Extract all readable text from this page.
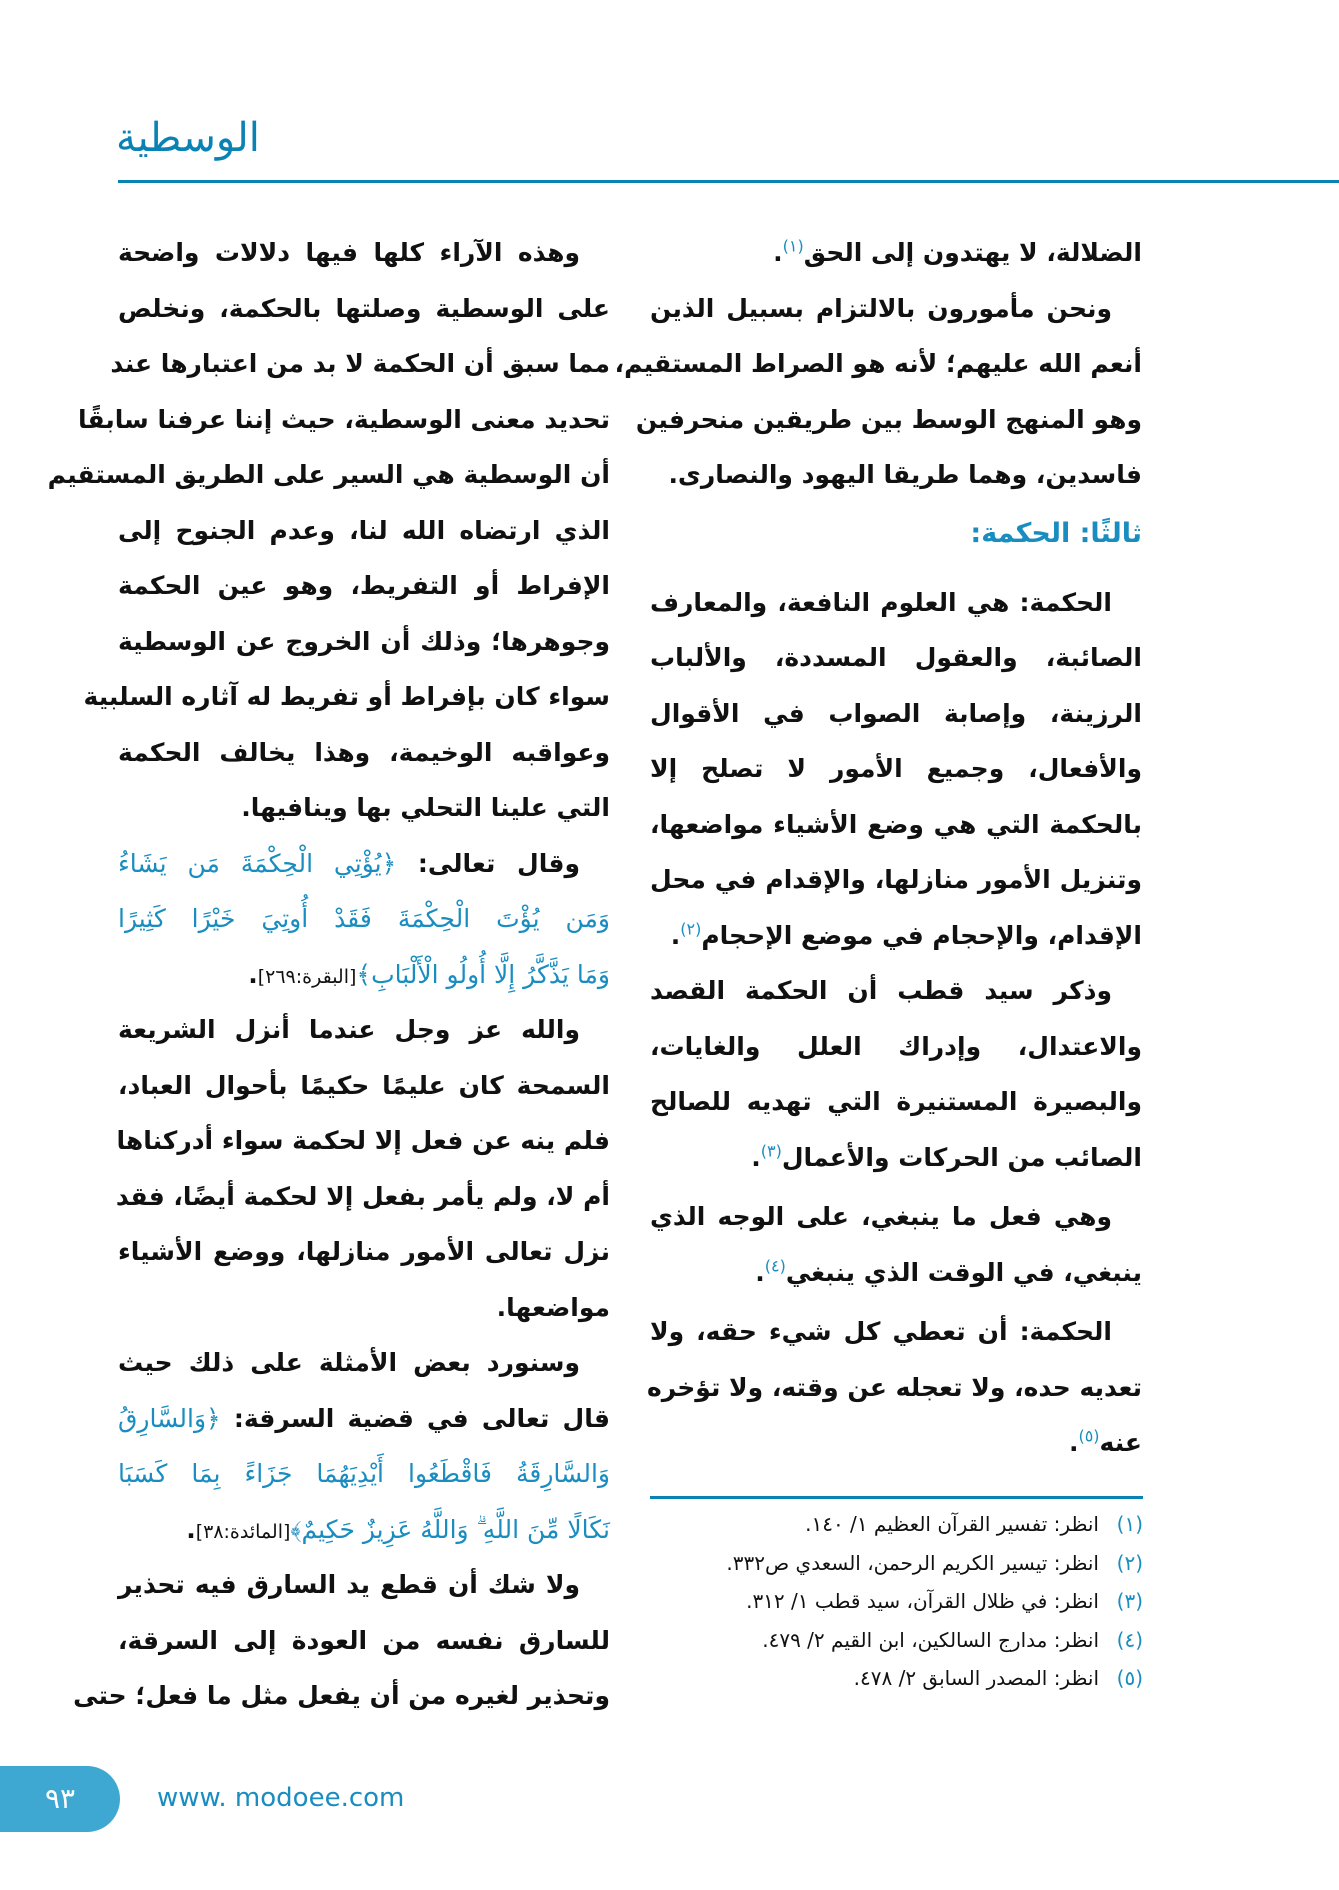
الوسطية
الضلالة، لا يهتدون إلى الحق$^{(١)}$.
ونحن مأمورون بالالتزام بسبيل الذين
أنعم الله عليهم؛ لأنه هو الصراط المستقيم،
وهو المنهج الوسط بين طريقين منحرفين
فاسدين، وهما طريقا اليهود والنصارى.
ثالثًا: الحكمة:
الحكمة: هي العلوم النافعة، والمعارف
الصائبة، والعقول المسددة، والألباب
الرزينة، وإصابة الصواب في الأقوال
والأفعال، وجميع الأمور لا تصلح إلا
بالحكمة التي هي وضع الأشياء مواضعها،
وتنزيل الأمور منازلها، والإقدام في محل
الإقدام، والإحجام في موضع الإحجام$^{(٢)}$.
وذكر سيد قطب أن الحكمة القصد
والاعتدال، وإدراك العلل والغايات،
والبصيرة المستنيرة التي تهديه للصالح
الصائب من الحركات والأعمال$^{(٣)}$.
وهي فعل ما ينبغي، على الوجه الذي
ينبغي، في الوقت الذي ينبغي$^{(٤)}$.
الحكمة: أن تعطي كل شيء حقه، ولا
تعديه حده، ولا تعجله عن وقته، ولا تؤخره
عنه$^{(٥)}$.
وهذه الآراء كلها فيها دلالات واضحة
على الوسطية وصلتها بالحكمة، ونخلص
مما سبق أن الحكمة لا بد من اعتبارها عند
تحديد معنى الوسطية، حيث إننا عرفنا سابقًا
أن الوسطية هي السير على الطريق المستقيم
الذي ارتضاه الله لنا، وعدم الجنوح إلى
الإفراط أو التفريط، وهو عين الحكمة
وجوهرها؛ وذلك أن الخروج عن الوسطية
سواء كان بإفراط أو تفريط له آثاره السلبية
وعواقبه الوخيمة، وهذا يخالف الحكمة
التي علينا التحلي بها وينافيها.
وقال تعالى: ﴿يُؤْتِي الْحِكْمَةَ مَن يَشَاءُ
وَمَن يُؤْتَ الْحِكْمَةَ فَقَدْ أُوتِيَ خَيْرًا كَثِيرًا
وَمَا يَذَّكَّرُ إِلَّا أُولُو الْأَلْبَابِ﴾[البقرة:٢٦٩].
والله عز وجل عندما أنزل الشريعة
السمحة كان عليمًا حكيمًا بأحوال العباد،
فلم ينه عن فعل إلا لحكمة سواء أدركناها
أم لا، ولم يأمر بفعل إلا لحكمة أيضًا، فقد
نزل تعالى الأمور منازلها، ووضع الأشياء
مواضعها.
وسنورد بعض الأمثلة على ذلك حيث
قال تعالى في قضية السرقة: ﴿وَالسَّارِقُ
وَالسَّارِقَةُ فَاقْطَعُوا أَيْدِيَهُمَا جَزَاءً بِمَا كَسَبَا
نَكَالًا مِّنَ اللَّهِ ۗ وَاللَّهُ عَزِيزٌ حَكِيمٌ﴾[المائدة:٣٨].
ولا شك أن قطع يد السارق فيه تحذير
للسارق نفسه من العودة إلى السرقة،
وتحذير لغيره من أن يفعل مثل ما فعل؛ حتى
(١)
انظر: تفسير القرآن العظيم ١/ ١٤٠.
(٢)
انظر: تيسير الكريم الرحمن، السعدي ص٣٣٢.
(٣)
انظر: في ظلال القرآن، سيد قطب ١/ ٣١٢.
(٤)
انظر: مدارج السالكين، ابن القيم ٢/ ٤٧٩.
(٥)
انظر: المصدر السابق ٢/ ٤٧٨.
٩٣	www. modoee.com
